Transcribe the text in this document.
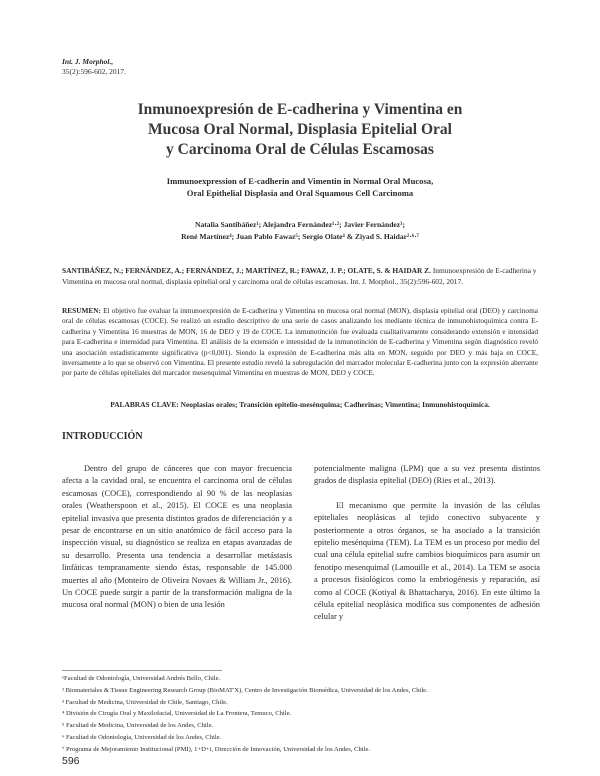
Int. J. Morphol.,
35(2):596-602, 2017.
Inmunoexpresión de E-cadherina y Vimentina en
Mucosa Oral Normal, Displasia Epitelial Oral
y Carcinoma Oral de Células Escamosas
Immunoexpression of E-cadherin and Vimentin in Normal Oral Mucosa,
Oral Epithelial Displasia and Oral Squamous Cell Carcinoma
Natalia Santibáñez¹; Alejandra Fernández¹·²; Javier Fernández³;
René Martínez⁴; Juan Pablo Fawaz⁵; Sergio Olate⁴ & Ziyad S. Haidar²·⁶·⁷
SANTIBÁÑEZ, N.; FERNÁNDEZ, A.; FERNÁNDEZ, J.; MARTÍNEZ, R.; FAWAZ, J. P.; OLATE, S. & HAIDAR Z. Inmunoexpresión de E-cadherina y Vimentina en mucosa oral normal, displasia epitelial oral y carcinoma oral de células escamosas. Int. J. Morphol., 35(2):596-602, 2017.
RESUMEN: El objetivo fue evaluar la inmunoexpresión de E-cadherina y Vimentina en mucosa oral normal (MON), displasia epitelial oral (DEO) y carcinoma oral de células escamosas (COCE). Se realizó un estudio descriptivo de una serie de casos analizando los mediante técnica de inmunohistoquímica contra E-cadherina y Vimentina 16 muestras de MON, 16 de DEO y 19 de COCE. La inmunotinción fue evaluada cualitativamente considerando extensión e intensidad para E-cadherina e intensidad para Vimentina. El análisis de la extensión e intensidad de la inmunotinción de E-cadherina y Vimentina según diagnóstico reveló una asociación estadísticamente significativa (p<0,001). Siendo la expresión de E-cadherina más alta en MON, seguido por DEO y más baja en COCE, inversamente a lo que se observó con Vimentina. El presente estudio reveló la subregulación del marcador molecular E-cadherina junto con la expresión aberrante por parte de células epiteliales del marcador mesenquimal Vimentina en muestras de MON, DEO y COCE.
PALABRAS CLAVE: Neoplasias orales; Transición epitelio-mesénquima; Cadherinas; Vimentina; Inmunohistoquímica.
INTRODUCCIÓN
Dentro del grupo de cánceres que con mayor frecuencia afecta a la cavidad oral, se encuentra el carcinoma oral de células escamosas (COCE), correspondiendo al 90 % de las neoplasias orales (Weatherspoon et al., 2015). El COCE es una neoplasia epitelial invasiva que presenta distintos grados de diferenciación y a pesar de encontrarse en un sitio anatómico de fácil acceso para la inspección visual, su diagnóstico se realiza en etapas avanzadas de su desarrollo. Presenta una tendencia a desarrollar metástasis linfáticas tempranamente siendo éstas, responsable de 145.000 muertes al año (Monteiro de Oliveira Novaes & William Jr., 2016). Un COCE puede surgir a partir de la transformación maligna de la mucosa oral normal (MON) o bien de una lesión
potencialmente maligna (LPM) que a su vez presenta distintos grados de displasia epitelial (DEO) (Ries et al., 2013).
El mecanismo que permite la invasión de las células epiteliales neoplásicas al tejido conectivo subyacente y posteriormente a otros órganos, se ha asociado a la transición epitelio mesénquima (TEM). La TEM es un proceso por medio del cual una célula epitelial sufre cambios bioquímicos para asumir un fenotipo mesenquimal (Lamouille et al., 2014). La TEM se asocia a procesos fisiológicos como la embriogénesis y reparación, así como al COCE (Kotiyal & Bhattacharya, 2016). En este último la célula epitelial neoplásica modifica sus componentes de adhesión celular y
¹Facultad de Odontología, Universidad Andrés Bello, Chile.
² Biomateriales & Tissue Engineering Research Group (BioMAT'X), Centro de Investigación Biomédica, Universidad de los Andes, Chile.
³ Facultad de Medicina, Universidad de Chile, Santiago, Chile.
⁴ División de Cirugía Oral y Maxilofacial, Universidad de La Frontera, Temuco, Chile.
⁵ Facultad de Medicina, Universidad de los Andes, Chile.
⁶ Facultad de Odontología, Universidad de los Andes, Chile.
⁷ Programa de Mejoramiento Institucional (PMI), 1+D+i, Dirección de Innovación, Universidad de los Andes, Chile.
596
